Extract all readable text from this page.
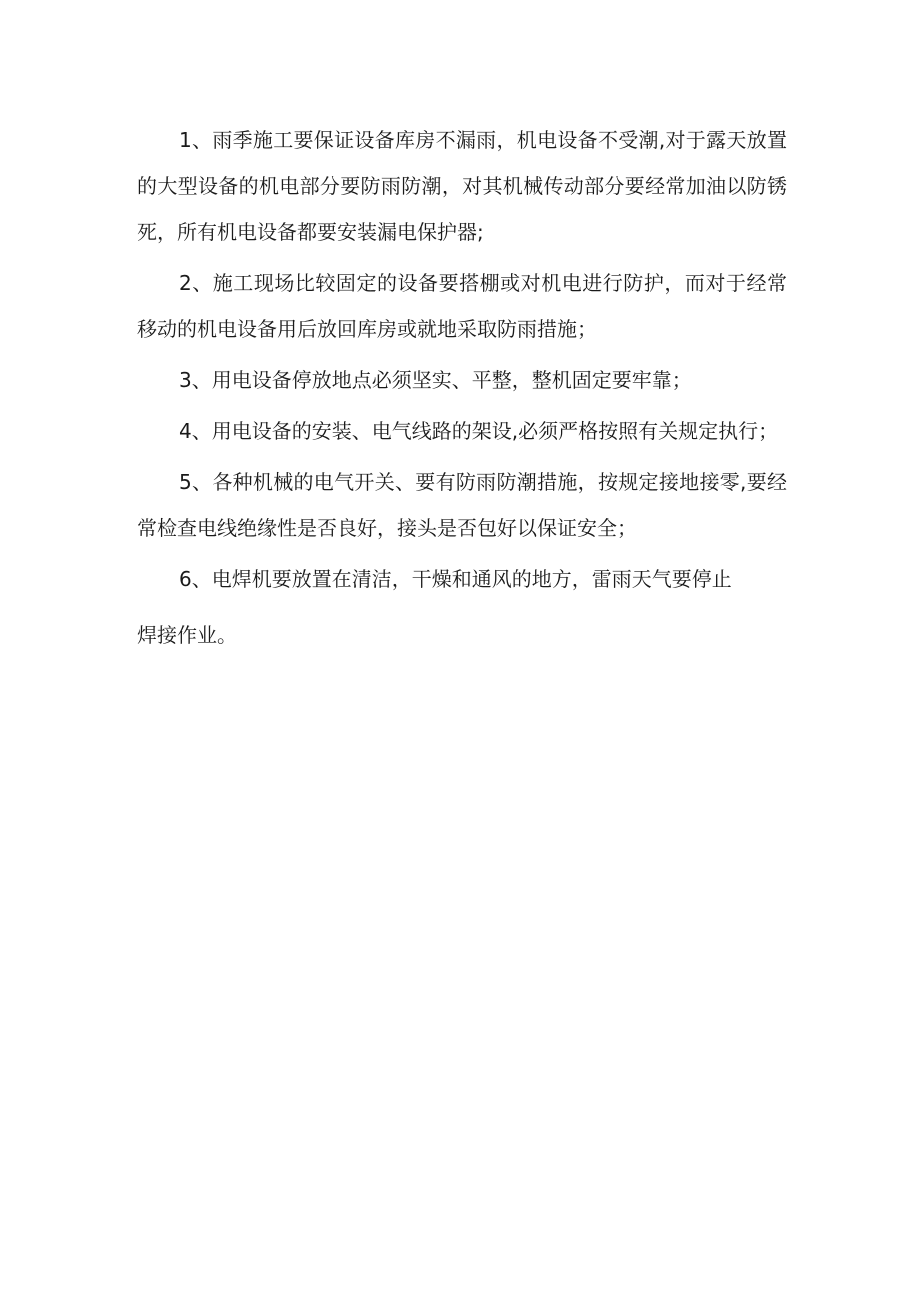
1、雨季施工要保证设备库房不漏雨，机电设备不受潮,对于露天放置的大型设备的机电部分要防雨防潮，对其机械传动部分要经常加油以防锈死，所有机电设备都要安装漏电保护器;

2、施工现场比较固定的设备要搭棚或对机电进行防护，而对于经常移动的机电设备用后放回库房或就地采取防雨措施；

3、用电设备停放地点必须坚实、平整，整机固定要牢靠；

4、用电设备的安装、电气线路的架设,必须严格按照有关规定执行；

5、各种机械的电气开关、要有防雨防潮措施，按规定接地接零,要经常检查电线绝缘性是否良好，接头是否包好以保证安全；

6、电焊机要放置在清洁，干燥和通风的地方，雷雨天气要停止

焊接作业。
